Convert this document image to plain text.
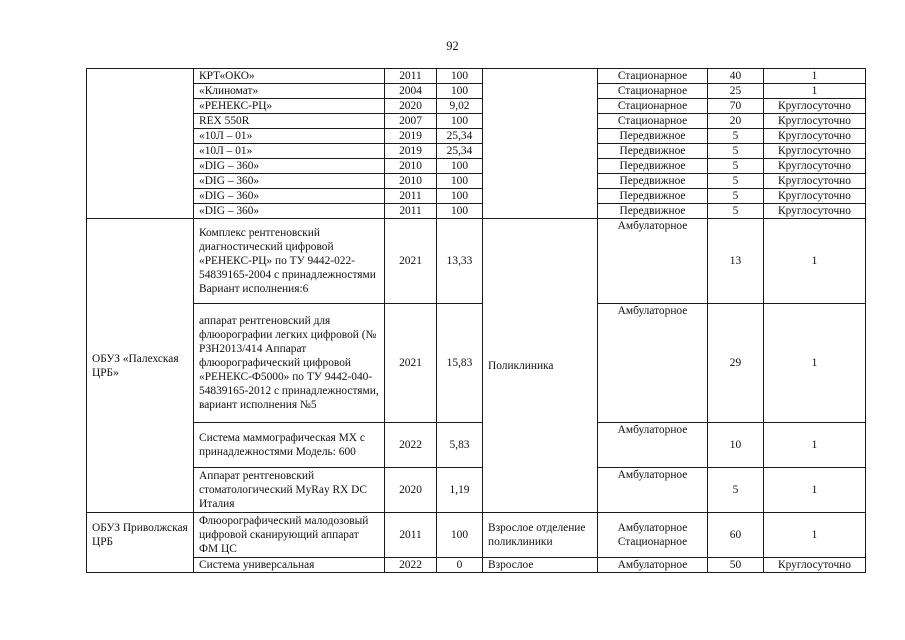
92
	КРТ«ОКО»	2011	100		Стационарное	40	1
	«Клиномат»	2004	100		Стационарное	25	1
	«РЕНЕКС-РЦ»	2020	9,02		Стационарное	70	Круглосуточно
	REX 550R	2007	100		Стационарное	20	Круглосуточно
	«10Л – 01»	2019	25,34		Передвижное	5	Круглосуточно
	«10Л – 01»	2019	25,34		Передвижное	5	Круглосуточно
	«DIG – 360»	2010	100		Передвижное	5	Круглосуточно
	«DIG – 360»	2010	100		Передвижное	5	Круглосуточно
	«DIG – 360»	2011	100		Передвижное	5	Круглосуточно
	«DIG – 360»	2011	100		Передвижное	5	Круглосуточно
ОБУЗ «Палехская ЦРБ»	Комплекс рентгеновский диагностический цифровой «РЕНЕКС-РЦ» по ТУ 9442-022-54839165-2004 с принадлежностями Вариант исполнения:6	2021	13,33	Поликлиника	Амбулаторное	13	1
	аппарат рентгеновский для флюорографии легких цифровой (№ РЗН2013/414 Аппарат флюорографический цифровой «РЕНЕКС-Ф5000» по ТУ 9442-040-54839165-2012 с принадлежностями, вариант исполнения №5	2021	15,83		Амбулаторное	29	1
	Система маммографическая MX с принадлежностями Модель: 600	2022	5,83		Амбулаторное	10	1
	Аппарат рентгеновский стоматологический MyRay RX DC Италия	2020	1,19		Амбулаторное	5	1
ОБУЗ Приволжская ЦРБ	Флюорографический малодозовый цифровой сканирующий аппарат ФМ ЦС	2011	100	Взрослое отделение поликлиники	Амбулаторное Стационарное	60	1
	Система универсальная	2022	0	Взрослое	Амбулаторное	50	Круглосуточно
